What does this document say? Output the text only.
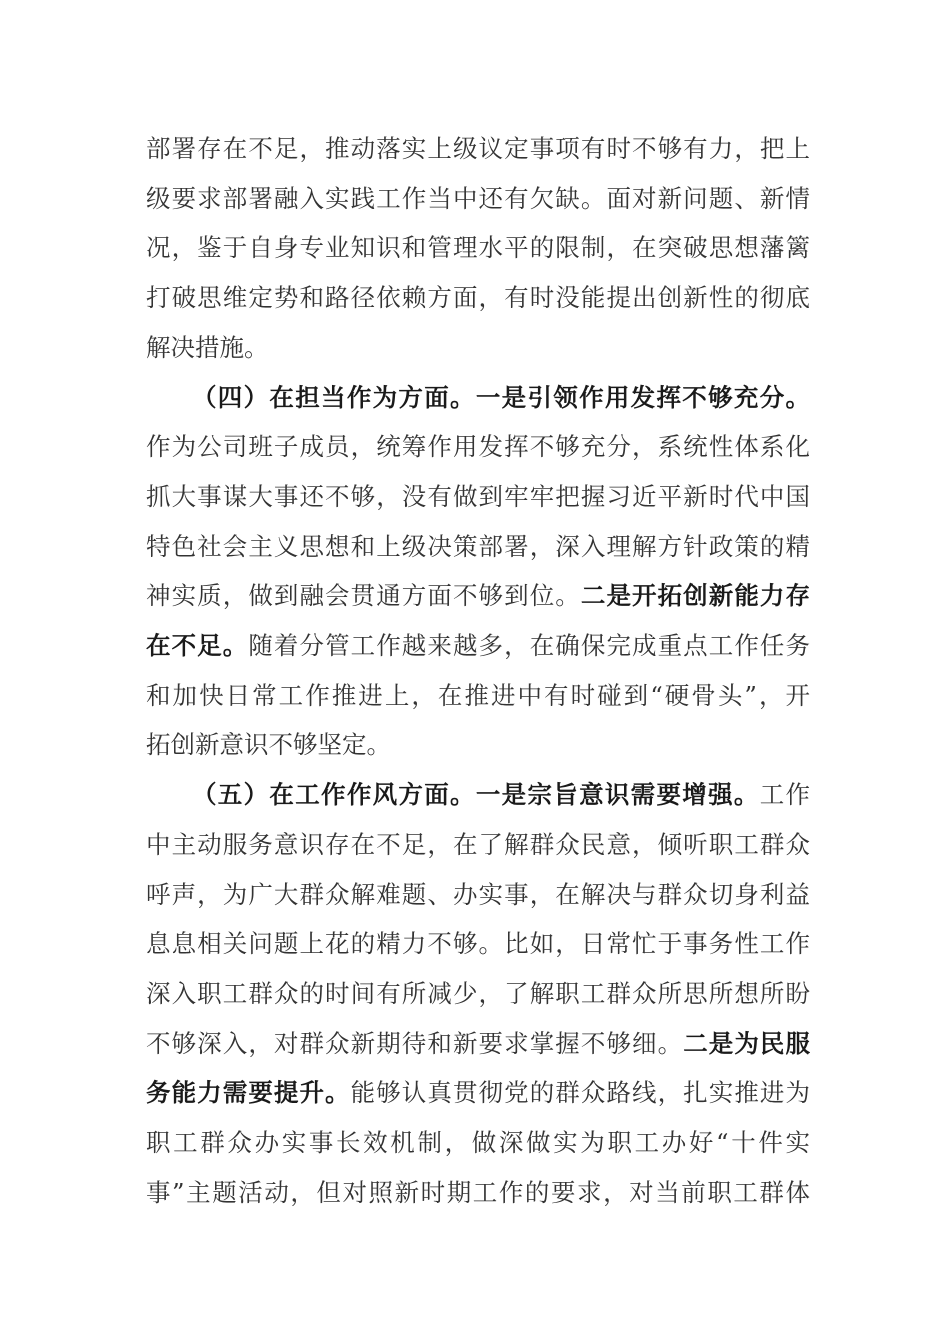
部署存在不足，推动落实上级议定事项有时不够有力，把上
级要求部署融入实践工作当中还有欠缺。面对新问题、新情
况，鉴于自身专业知识和管理水平的限制，在突破思想藩篱
打破思维定势和路径依赖方面，有时没能提出创新性的彻底
解决措施。
（四）在担当作为方面。一是引领作用发挥不够充分。
作为公司班子成员，统筹作用发挥不够充分，系统性体系化
抓大事谋大事还不够，没有做到牢牢把握习近平新时代中国
特色社会主义思想和上级决策部署，深入理解方针政策的精
神实质，做到融会贯通方面不够到位。二是开拓创新能力存
在不足。随着分管工作越来越多，在确保完成重点工作任务
和加快日常工作推进上，在推进中有时碰到“硬骨头”，开
拓创新意识不够坚定。
（五）在工作作风方面。一是宗旨意识需要增强。工作
中主动服务意识存在不足，在了解群众民意，倾听职工群众
呼声，为广大群众解难题、办实事，在解决与群众切身利益
息息相关问题上花的精力不够。比如，日常忙于事务性工作
深入职工群众的时间有所减少，了解职工群众所思所想所盼
不够深入，对群众新期待和新要求掌握不够细。二是为民服
务能力需要提升。能够认真贯彻党的群众路线，扎实推进为
职工群众办实事长效机制，做深做实为职工办好“十件实
事”主题活动，但对照新时期工作的要求，对当前职工群体
